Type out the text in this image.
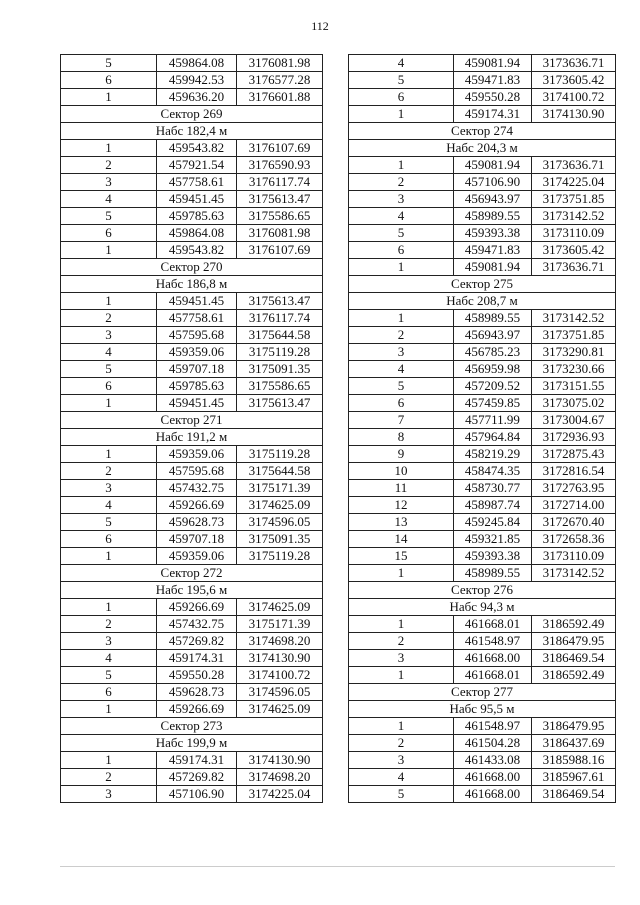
112
5	459864.08	3176081.98
6	459942.53	3176577.28
1	459636.20	3176601.88
Сектор 269		
Набс 182,4 м		
1	459543.82	3176107.69
2	457921.54	3176590.93
3	457758.61	3176117.74
4	459451.45	3175613.47
5	459785.63	3175586.65
6	459864.08	3176081.98
1	459543.82	3176107.69
Сектор 270		
Набс 186,8 м		
1	459451.45	3175613.47
2	457758.61	3176117.74
3	457595.68	3175644.58
4	459359.06	3175119.28
5	459707.18	3175091.35
6	459785.63	3175586.65
1	459451.45	3175613.47
Сектор 271		
Набс 191,2 м		
1	459359.06	3175119.28
2	457595.68	3175644.58
3	457432.75	3175171.39
4	459266.69	3174625.09
5	459628.73	3174596.05
6	459707.18	3175091.35
1	459359.06	3175119.28
Сектор 272		
Набс 195,6 м		
1	459266.69	3174625.09
2	457432.75	3175171.39
3	457269.82	3174698.20
4	459174.31	3174130.90
5	459550.28	3174100.72
6	459628.73	3174596.05
1	459266.69	3174625.09
Сектор 273		
Набс 199,9 м		
1	459174.31	3174130.90
2	457269.82	3174698.20
3	457106.90	3174225.04
4	459081.94	3173636.71
5	459471.83	3173605.42
6	459550.28	3174100.72
1	459174.31	3174130.90
Сектор 274		
Набс 204,3 м		
1	459081.94	3173636.71
2	457106.90	3174225.04
3	456943.97	3173751.85
4	458989.55	3173142.52
5	459393.38	3173110.09
6	459471.83	3173605.42
1	459081.94	3173636.71
Сектор 275		
Набс 208,7 м		
1	458989.55	3173142.52
2	456943.97	3173751.85
3	456785.23	3173290.81
4	456959.98	3173230.66
5	457209.52	3173151.55
6	457459.85	3173075.02
7	457711.99	3173004.67
8	457964.84	3172936.93
9	458219.29	3172875.43
10	458474.35	3172816.54
11	458730.77	3172763.95
12	458987.74	3172714.00
13	459245.84	3172670.40
14	459321.85	3172658.36
15	459393.38	3173110.09
1	458989.55	3173142.52
Сектор 276		
Набс 94,3 м		
1	461668.01	3186592.49
2	461548.97	3186479.95
3	461668.00	3186469.54
1	461668.01	3186592.49
Сектор 277		
Набс 95,5 м		
1	461548.97	3186479.95
2	461504.28	3186437.69
3	461433.08	3185988.16
4	461668.00	3185967.61
5	461668.00	3186469.54
